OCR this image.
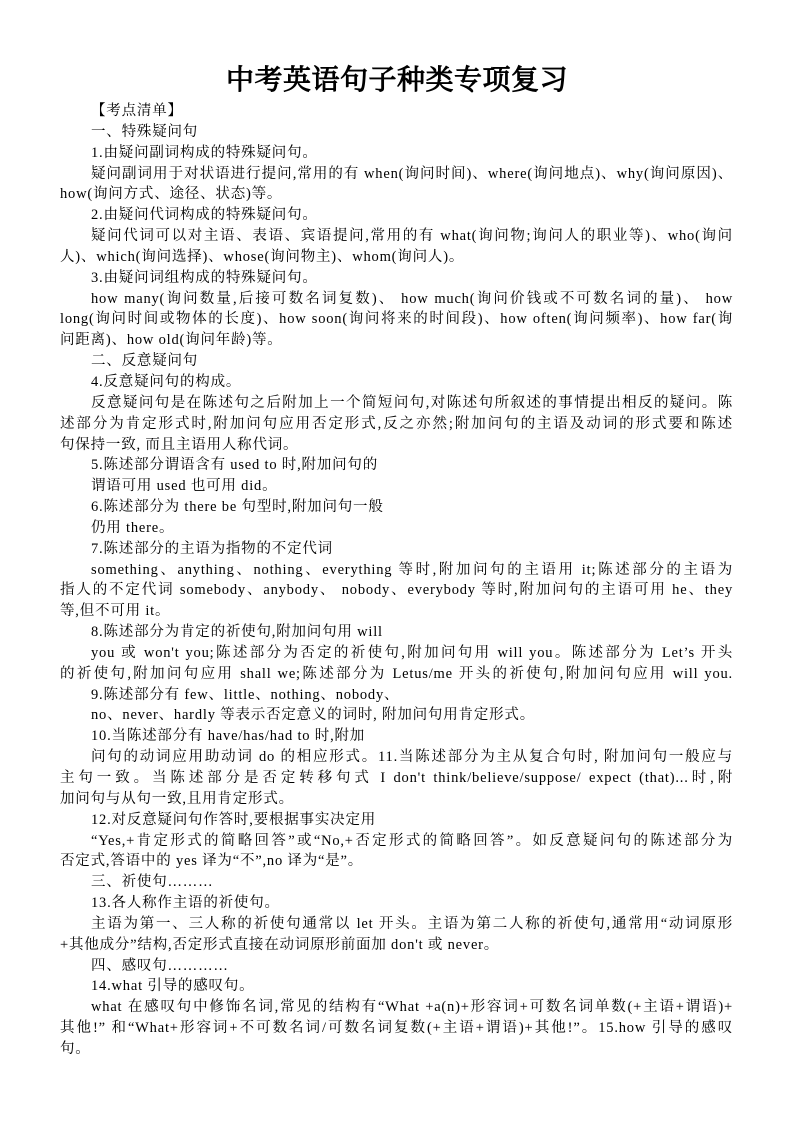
中考英语句子种类专项复习
【考点清单】
一、特殊疑问句
1.由疑问副词构成的特殊疑问句。
疑问副词用于对状语进行提问,常用的有 when(询问时间)、where(询问地点)、why(询问原因)、
how(询问方式、途径、状态)等。
2.由疑问代词构成的特殊疑问句。
疑问代词可以对主语、表语、宾语提问,常用的有 what(询问物;询问人的职业等)、who(询问
人)、which(询问选择)、whose(询问物主)、whom(询问人)。
3.由疑问词组构成的特殊疑问句。
how many(询问数量,后接可数名词复数)、 how much(询问价钱或不可数名词的量)、 how
long(询问时间或物体的长度)、how soon(询问将来的时间段)、how often(询问频率)、how far(询
问距离)、how old(询问年龄)等。
二、反意疑问句
4.反意疑问句的构成。
反意疑问句是在陈述句之后附加上一个简短问句,对陈述句所叙述的事情提出相反的疑问。陈
述部分为肯定形式时,附加问句应用否定形式,反之亦然;附加问句的主语及动词的形式要和陈述
句保持一致, 而且主语用人称代词。
5.陈述部分谓语含有 used to 时,附加问句的
谓语可用 used 也可用 did。
6.陈述部分为 there be 句型时,附加问句一般
仍用 there。
7.陈述部分的主语为指物的不定代词
something、anything、nothing、everything 等时,附加问句的主语用 it;陈述部分的主语为
指人的不定代词 somebody、anybody、 nobody、everybody 等时,附加问句的主语可用 he、they
等,但不可用 it。
8.陈述部分为肯定的祈使句,附加问句用 will
you 或 won't you;陈述部分为否定的祈使句,附加问句用 will you。陈述部分为 Let’s 开头
的祈使句,附加问句应用 shall we;陈述部分为 Letus/me 开头的祈使句,附加问句应用 will you.
9.陈述部分有 few、little、nothing、nobody、
no、never、hardly 等表示否定意义的词时, 附加问句用肯定形式。
10.当陈述部分有 have/has/had to 时,附加
问句的动词应用助动词 do 的相应形式。11.当陈述部分为主从复合句时, 附加问句一般应与
主句一致。当陈述部分是否定转移句式 I don't think/believe/suppose/ expect (that)...时,附
加问句与从句一致,且用肯定形式。
12.对反意疑问句作答时,要根据事实决定用
“Yes,+肯定形式的简略回答”或“No,+否定形式的简略回答”。如反意疑问句的陈述部分为
否定式,答语中的 yes 译为“不”,no 译为“是”。
三、祈使句………
13.各人称作主语的祈使句。
主语为第一、三人称的祈使句通常以 let 开头。主语为第二人称的祈使句,通常用“动词原形
+其他成分”结构,否定形式直接在动词原形前面加 don't 或 never。
四、感叹句…………
14.what 引导的感叹句。
what 在感叹句中修饰名词,常见的结构有“What +a(n)+形容词+可数名词单数(+主语+谓语)+
其他!” 和“What+形容词+不可数名词/可数名词复数(+主语+谓语)+其他!”。15.how 引导的感叹
句。
